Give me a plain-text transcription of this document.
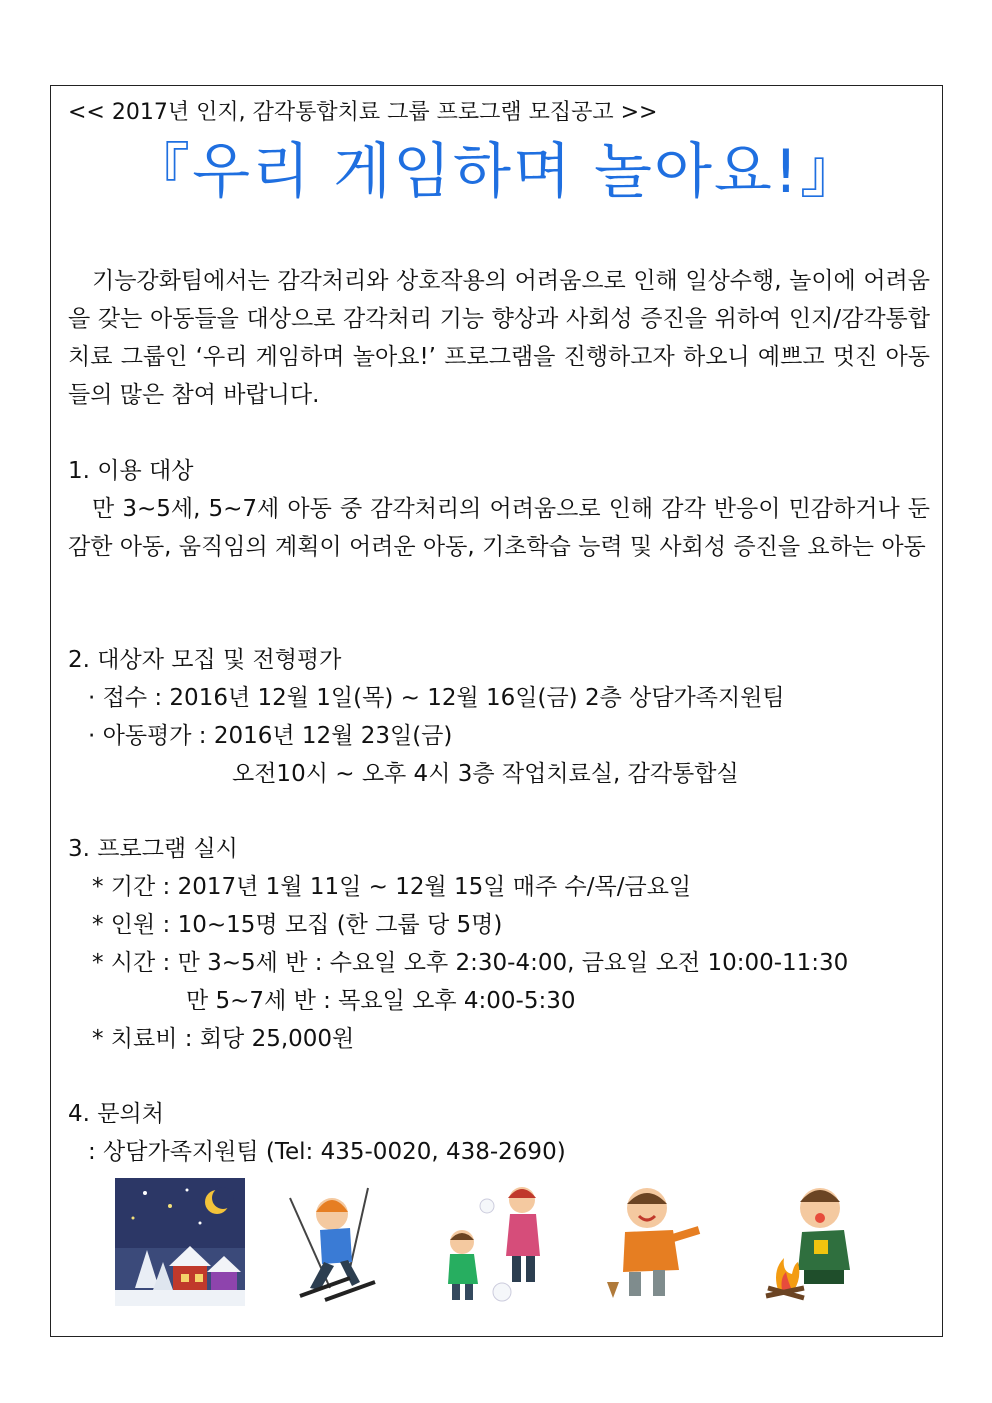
<< 2017년 인지, 감각통합치료 그룹 프로그램 모집공고 >>
『우리 게임하며 놀아요!』
기능강화팀에서는 감각처리와 상호작용의 어려움으로 인해 일상수행, 놀이에 어려움을 갖는 아동들을 대상으로 감각처리 기능 향상과 사회성 증진을 위하여 인지/감각통합치료 그룹인 ‘우리 게임하며 놀아요!’ 프로그램을 진행하고자 하오니 예쁘고 멋진 아동들의 많은 참여 바랍니다.
1. 이용 대상
만 3~5세, 5~7세 아동 중 감각처리의 어려움으로 인해 감각 반응이 민감하거나 둔감한 아동, 움직임의 계획이 어려운 아동, 기초학습 능력 및 사회성 증진을 요하는 아동
2. 대상자 모집 및 전형평가
· 접수 : 2016년 12월 1일(목) ~ 12월 16일(금) 2층 상담가족지원팀
· 아동평가 : 2016년 12월 23일(금)
오전10시 ~ 오후 4시 3층 작업치료실, 감각통합실
3. 프로그램 실시
* 기간 : 2017년 1월 11일 ~ 12월 15일 매주 수/목/금요일
* 인원 : 10~15명 모집 (한 그룹 당 5명)
* 시간 : 만 3~5세 반 : 수요일 오후 2:30-4:00, 금요일 오전 10:00-11:30
만 5~7세 반 : 목요일 오후 4:00-5:30
* 치료비 : 회당 25,000원
4. 문의처
: 상담가족지원팀 (Tel: 435-0020, 438-2690)
